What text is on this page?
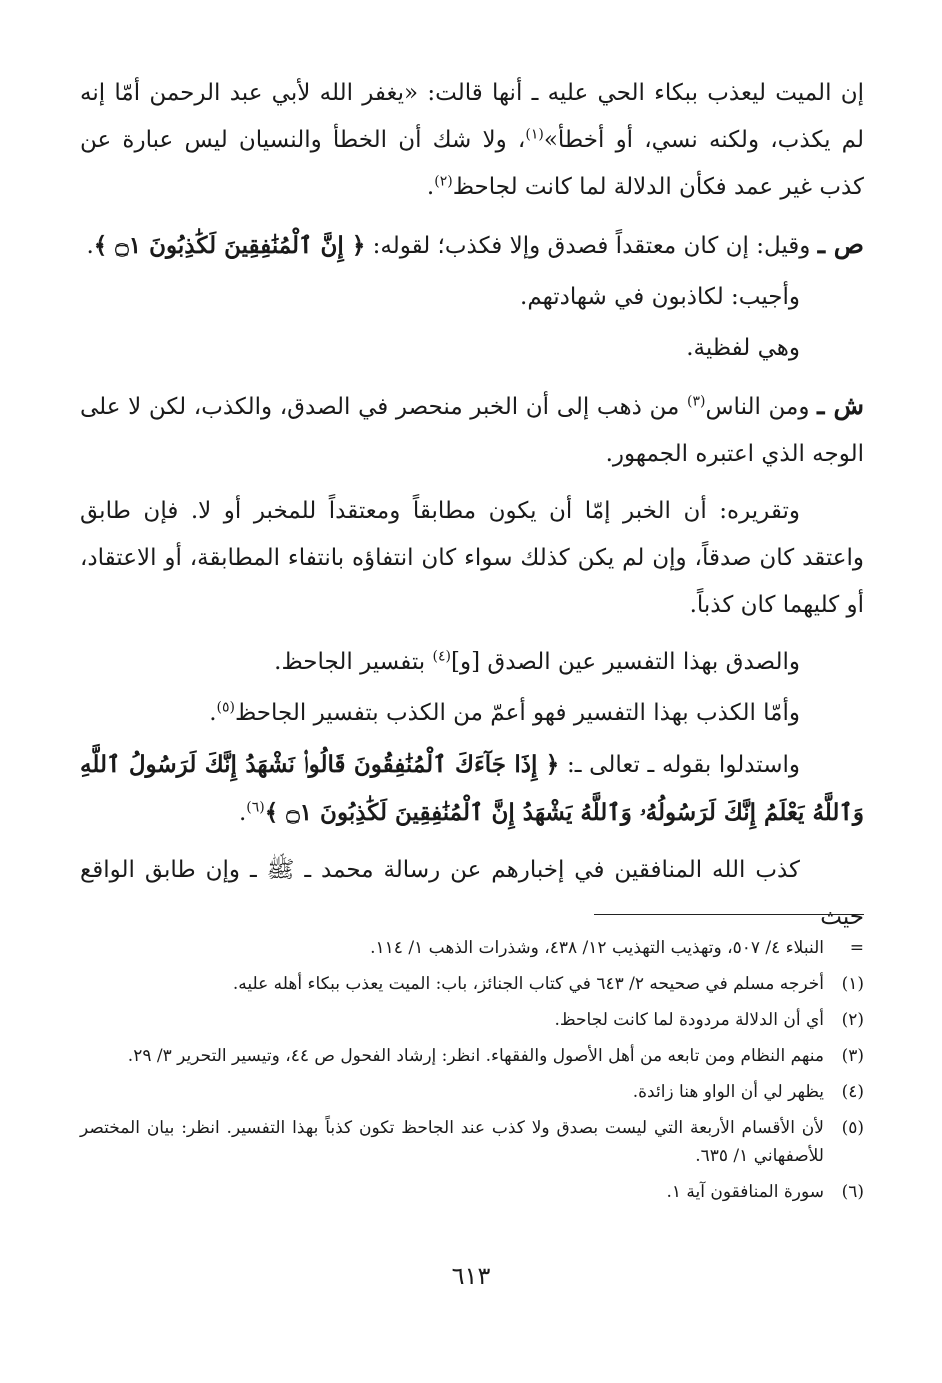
إن الميت ليعذب ببكاء الحي عليه ـ أنها قالت: «يغفر الله لأبي عبد الرحمن أمّا إنه لم يكذب، ولكنه نسي، أو أخطأ»$^{(١)}$، ولا شك أن الخطأ والنسيان ليس عبارة عن كذب غير عمد فكأن الدلالة لما كانت لجاحظ$^{(٢)}$.

ص ـ وقيل: إن كان معتقداً فصدق وإلا فكذب؛ لقوله: ﴿ إِنَّ ٱلْمُنَٰفِقِينَ لَكَٰذِبُونَ ۝١ ﴾.

وأجيب: لكاذبون في شهادتهم.

وهي لفظية.

ش ـ ومن الناس$^{(٣)}$ من ذهب إلى أن الخبر منحصر في الصدق، والكذب، لكن لا على الوجه الذي اعتبره الجمهور.

وتقريره: أن الخبر إمّا أن يكون مطابقاً ومعتقداً للمخبر أو لا. فإن طابق واعتقد كان صدقاً، وإن لم يكن كذلك سواء كان انتفاؤه بانتفاء المطابقة، أو الاعتقاد، أو كليهما كان كذباً.

والصدق بهذا التفسير عين الصدق [و]$^{(٤)}$ بتفسير الجاحظ.

وأمّا الكذب بهذا التفسير فهو أعمّ من الكذب بتفسير الجاحظ$^{(٥)}$.

واستدلوا بقوله ـ تعالى ـ: ﴿ إِذَا جَآءَكَ ٱلْمُنَٰفِقُونَ قَالُوا۟ نَشْهَدُ إِنَّكَ لَرَسُولُ ٱللَّهِ وَٱللَّهُ يَعْلَمُ إِنَّكَ لَرَسُولُهُۥ وَٱللَّهُ يَشْهَدُ إِنَّ ٱلْمُنَٰفِقِينَ لَكَٰذِبُونَ ۝١ ﴾$^{(٦)}$.

كذب الله المنافقين في إخبارهم عن رسالة محمد ـ ﷺ ـ وإن طابق الواقع حيث

=
النبلاء ٤/ ٥٠٧، وتهذيب التهذيب ١٢/ ٤٣٨، وشذرات الذهب ١/ ١١٤.
(١)
أخرجه مسلم في صحيحه ٢/ ٦٤٣ في كتاب الجنائز، باب: الميت يعذب ببكاء أهله عليه.
(٢)
أي أن الدلالة مردودة لما كانت لجاحظ.
(٣)
منهم النظام ومن تابعه من أهل الأصول والفقهاء. انظر: إرشاد الفحول ص ٤٤، وتيسير التحرير ٣/ ٢٩.
(٤)
يظهر لي أن الواو هنا زائدة.
(٥)
لأن الأقسام الأربعة التي ليست بصدق ولا كذب عند الجاحظ تكون كذباً بهذا التفسير. انظر: بيان المختصر للأصفهاني ١/ ٦٣٥.
(٦)
سورة المنافقون آية ١.
٦١٣
